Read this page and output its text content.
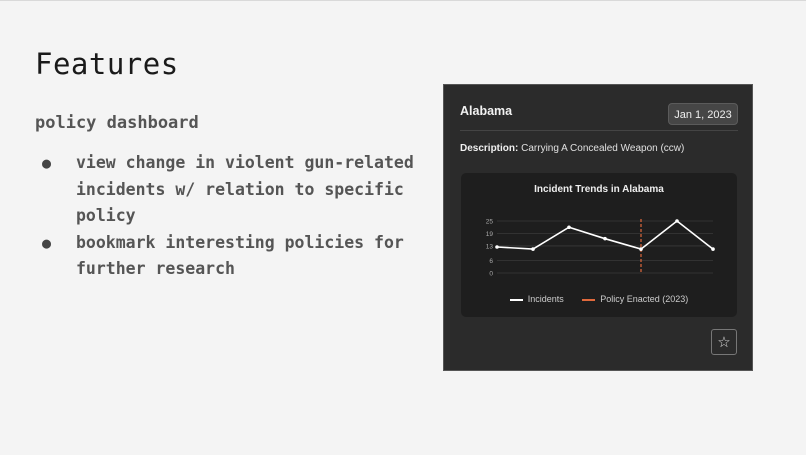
Features
policy dashboard
● view change in violent gun-related incidents w/ relation to specific policy
● bookmark interesting policies for further research
Alabama	Jan 1, 2023
Description: Carrying A Concealed Weapon (ccw)
Incident Trends in Alabama
0
6
13
19
25
Incidents	Policy Enacted (2023)
☆
